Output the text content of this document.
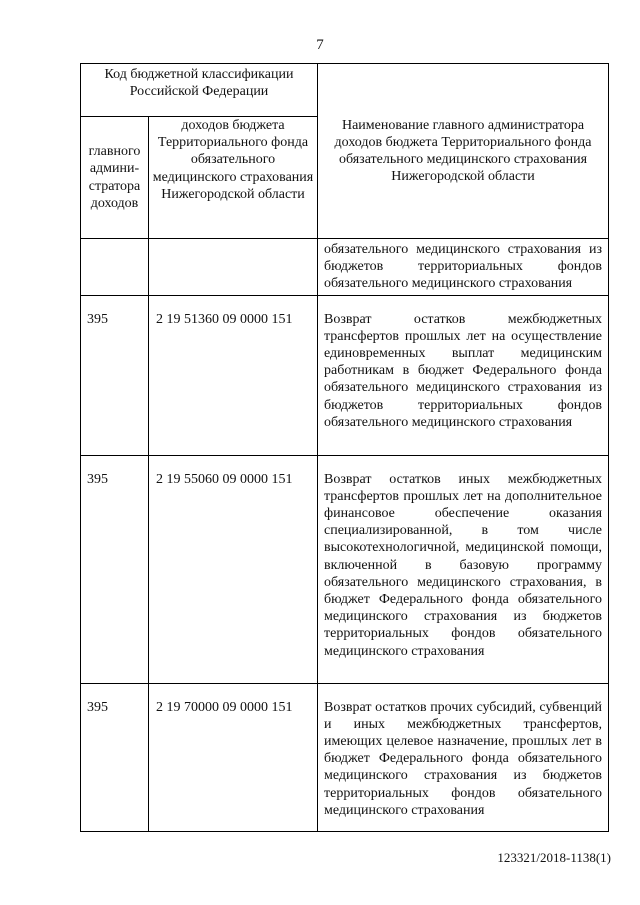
7
Код бюджетной классификации Российской Федерации		Наименование главного администратора доходов бюджета Территориального фонда обязательного медицинского страхования Нижегородской области
главного админи- стратора доходов	доходов бюджета Территориального фонда обязательного медицинского страхования Нижегородской области	
		обязательного медицинского страхования из бюджетов территориальных фондов обязательного медицинского страхования
395	2 19 51360 09 0000 151	Возврат остатков межбюджетных трансфертов прошлых лет на осуществление единовременных выплат медицинским работникам в бюджет Федерального фонда обязательного медицинского страхования из бюджетов территориальных фондов обязательного медицинского страхования
395	2 19 55060 09 0000 151	Возврат остатков иных межбюджетных трансфертов прошлых лет на дополнительное финансовое обеспечение оказания специализированной, в том числе высокотехнологичной, медицинской помощи, включенной в базовую программу обязательного медицинского страхования, в бюджет Федерального фонда обязательного медицинского страхования из бюджетов территориальных фондов обязательного медицинского страхования
395	2 19 70000 09 0000 151	Возврат остатков прочих субсидий, субвенций и иных межбюджетных трансфертов, имеющих целевое назначение, прошлых лет в бюджет Федерального фонда обязательного медицинского страхования из бюджетов территориальных фондов обязательного медицинского страхования
123321/2018-1138(1)
